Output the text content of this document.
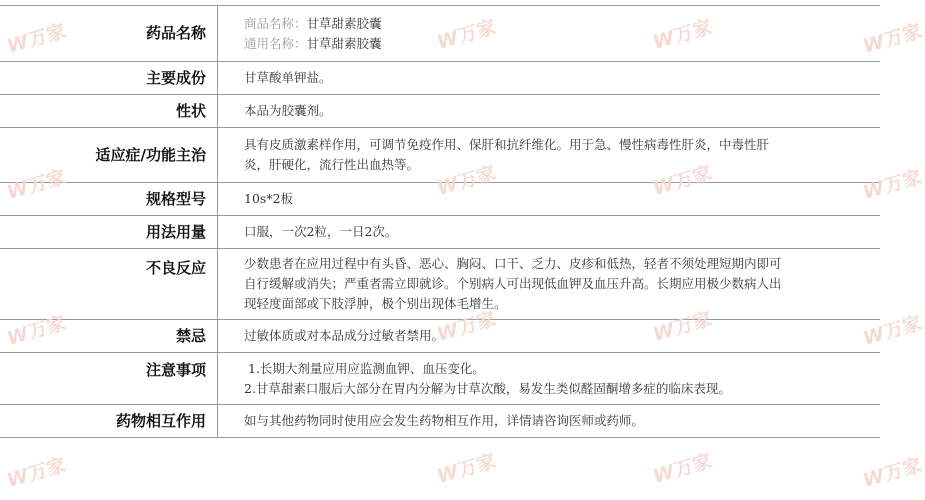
药品名称	商品名称：甘草甜素胶囊
通用名称：甘草甜素胶囊

主要成份	甘草酸单钾盐。
性状	本品为胶囊剂。
适应症/功能主治	具有皮质激素样作用，可调节免疫作用、保肝和抗纤维化。用于急、慢性病毒性肝炎，中毒性肝炎，肝硬化，流行性出血热等。
规格型号	10s*2板
用法用量	口服，一次2粒，一日2次。
不良反应	少数患者在应用过程中有头昏、恶心、胸闷、口干、乏力、皮疹和低热，轻者不须处理短期内即可自行缓解或消失；严重者需立即就诊。个别病人可出现低血钾及血压升高。长期应用极少数病人出现轻度面部或下肢浮肿，极个别出现体毛增生。
禁忌	过敏体质或对本品成分过敏者禁用。
注意事项	1.长期大剂量应用应监测血钾、血压变化。
2.甘草甜素口服后大部分在胃内分解为甘草次酸，易发生类似醛固酮增多症的临床表现。

药物相互作用	如与其他药物同时使用应会发生药物相互作用，详情请咨询医师或药师。
W万家	W万家	W万家	W万家
W万家	W万家	W万家	W万家
W万家	W万家	W万家	W万家
W万家	W万家	W万家	W万家
